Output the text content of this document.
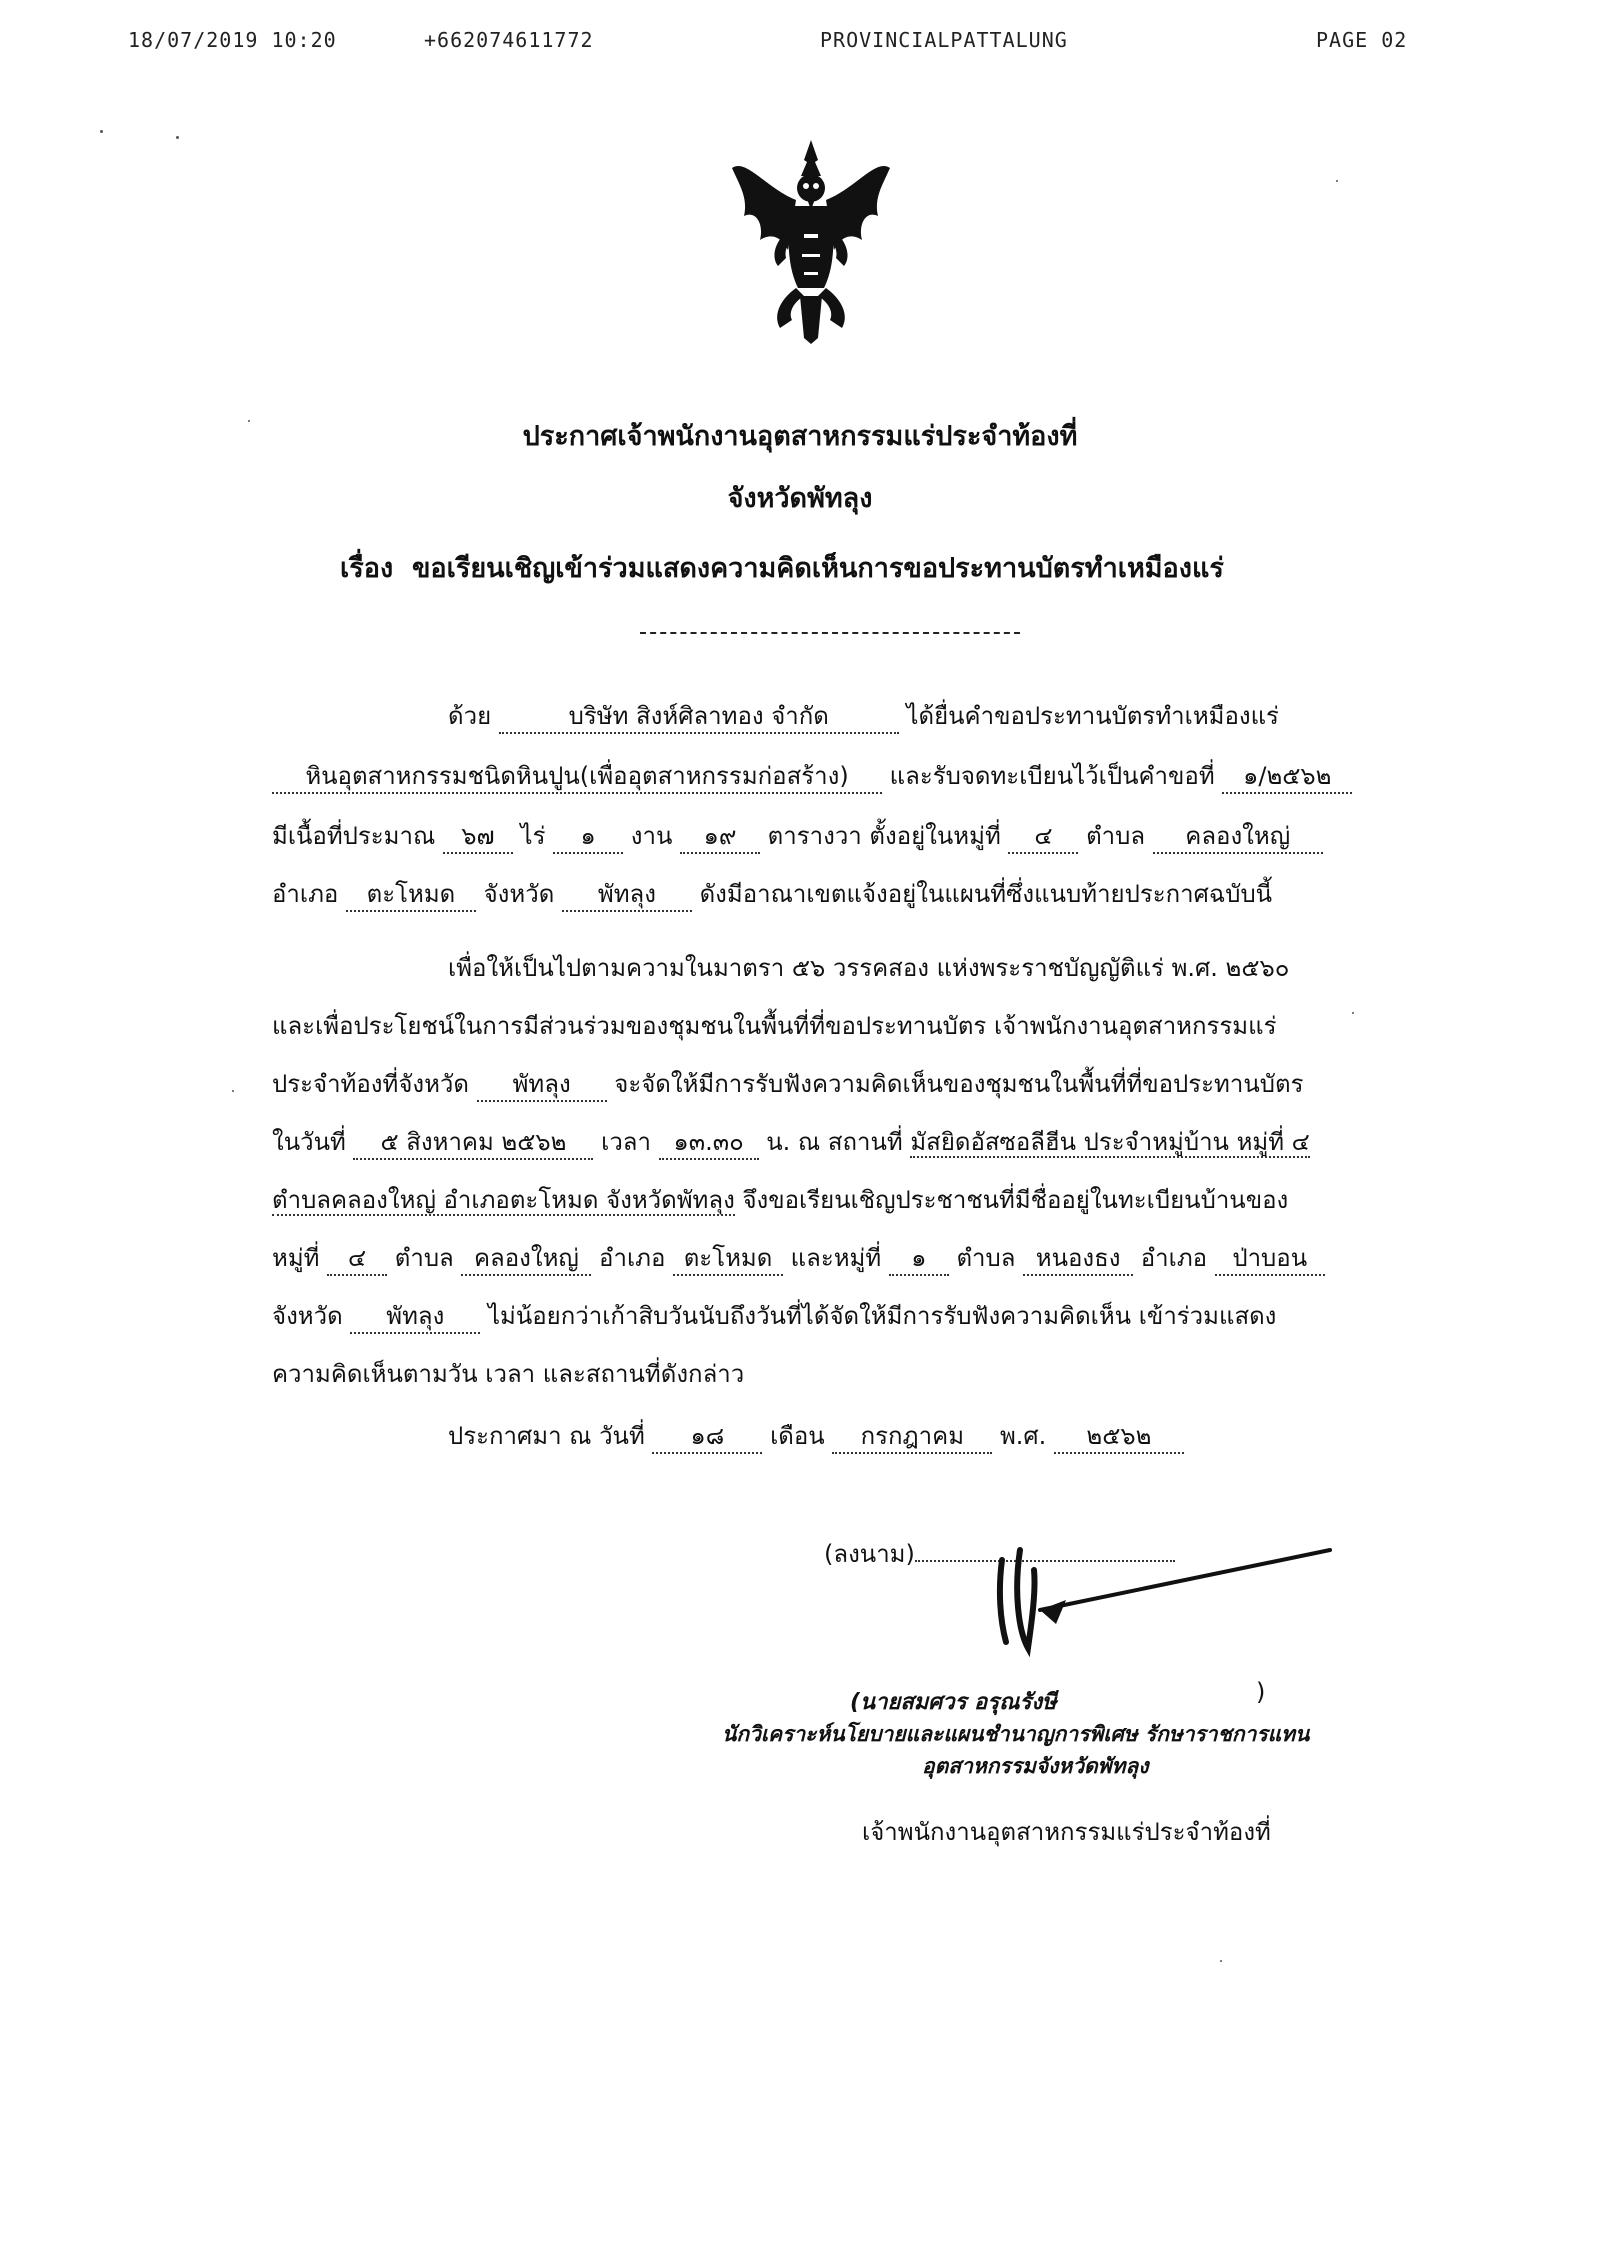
18/07/2019 10:20	+662074611772	PROVINCIALPATTALUNG	PAGE 02
ประกาศเจ้าพนักงานอุตสาหกรรมแร่ประจำท้องที่
จังหวัดพัทลุง
เรื่อง ขอเรียนเชิญเข้าร่วมแสดงความคิดเห็นการขอประทานบัตรทำเหมืองแร่
ด้วย	บริษัท สิงห์ศิลาทอง จำกัด	ได้ยื่นคำขอประทานบัตรทำเหมืองแร่
หินอุตสาหกรรมชนิดหินปูน(เพื่ออุตสาหกรรมก่อสร้าง) และรับจดทะเบียนไว้เป็นคำขอที่ ๑/๒๕๖๒
มีเนื้อที่ประมาณ ๖๗ ไร่ ๑ งาน ๑๙ ตารางวา ตั้งอยู่ในหมู่ที่ ๔ ตำบล คลองใหญ่
อำเภอ ตะโหมด จังหวัด พัทลุง ดังมีอาณาเขตแจ้งอยู่ในแผนที่ซึ่งแนบท้ายประกาศฉบับนี้
เพื่อให้เป็นไปตามความในมาตรา ๕๖ วรรคสอง แห่งพระราชบัญญัติแร่ พ.ศ. ๒๕๖๐
และเพื่อประโยชน์ในการมีส่วนร่วมของชุมชนในพื้นที่ที่ขอประทานบัตร เจ้าพนักงานอุตสาหกรรมแร่
ประจำท้องที่จังหวัด พัทลุง จะจัดให้มีการรับฟังความคิดเห็นของชุมชนในพื้นที่ที่ขอประทานบัตร
ในวันที่ ๕ สิงหาคม ๒๕๖๒ เวลา ๑๓.๓๐ น. ณ สถานที่ มัสยิดอัสซอลีฮีน ประจำหมู่บ้าน หมู่ที่ ๔
ตำบลคลองใหญ่ อำเภอตะโหมด จังหวัดพัทลุง จึงขอเรียนเชิญประชาชนที่มีชื่ออยู่ในทะเบียนบ้านของ
หมู่ที่ ๔ ตำบล คลองใหญ่ อำเภอ ตะโหมด และหมู่ที่ ๑ ตำบล หนองธง อำเภอ ป่าบอน
จังหวัด พัทลุง ไม่น้อยกว่าเก้าสิบวันนับถึงวันที่ได้จัดให้มีการรับฟังความคิดเห็น เข้าร่วมแสดง
ความคิดเห็นตามวัน เวลา และสถานที่ดังกล่าว
ประกาศมา ณ วันที่ ๑๘ เดือน กรกฎาคม พ.ศ. ๒๕๖๒
(ลงนาม)
(นายสมศวร อรุณรังษี	)
นักวิเคราะห์นโยบายและแผนชำนาญการพิเศษ รักษาราชการแทน
อุตสาหกรรมจังหวัดพัทลุง
เจ้าพนักงานอุตสาหกรรมแร่ประจำท้องที่
